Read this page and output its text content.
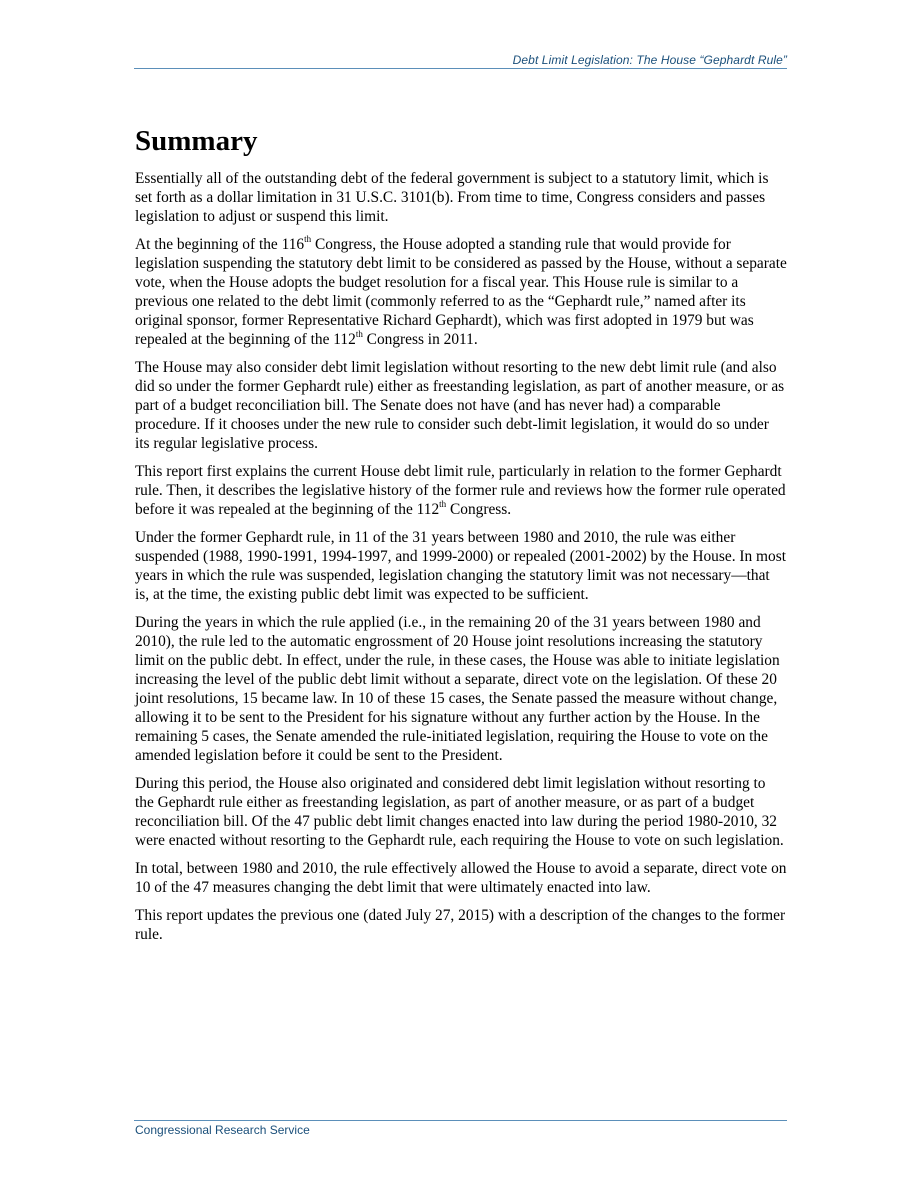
Debt Limit Legislation: The House “Gephardt Rule”
Summary

Essentially all of the outstanding debt of the federal government is subject to a statutory limit, which is set forth as a dollar limitation in 31 U.S.C. 3101(b). From time to time, Congress considers and passes legislation to adjust or suspend this limit.

At the beginning of the 116th Congress, the House adopted a standing rule that would provide for legislation suspending the statutory debt limit to be considered as passed by the House, without a separate vote, when the House adopts the budget resolution for a fiscal year. This House rule is similar to a previous one related to the debt limit (commonly referred to as the “Gephardt rule,” named after its original sponsor, former Representative Richard Gephardt), which was first adopted in 1979 but was repealed at the beginning of the 112th Congress in 2011.

The House may also consider debt limit legislation without resorting to the new debt limit rule (and also did so under the former Gephardt rule) either as freestanding legislation, as part of another measure, or as part of a budget reconciliation bill. The Senate does not have (and has never had) a comparable procedure. If it chooses under the new rule to consider such debt-limit legislation, it would do so under its regular legislative process.

This report first explains the current House debt limit rule, particularly in relation to the former Gephardt rule. Then, it describes the legislative history of the former rule and reviews how the former rule operated before it was repealed at the beginning of the 112th Congress.

Under the former Gephardt rule, in 11 of the 31 years between 1980 and 2010, the rule was either suspended (1988, 1990-1991, 1994-1997, and 1999-2000) or repealed (2001-2002) by the House. In most years in which the rule was suspended, legislation changing the statutory limit was not necessary—that is, at the time, the existing public debt limit was expected to be sufficient.

During the years in which the rule applied (i.e., in the remaining 20 of the 31 years between 1980 and 2010), the rule led to the automatic engrossment of 20 House joint resolutions increasing the statutory limit on the public debt. In effect, under the rule, in these cases, the House was able to initiate legislation increasing the level of the public debt limit without a separate, direct vote on the legislation. Of these 20 joint resolutions, 15 became law. In 10 of these 15 cases, the Senate passed the measure without change, allowing it to be sent to the President for his signature without any further action by the House. In the remaining 5 cases, the Senate amended the rule-initiated legislation, requiring the House to vote on the amended legislation before it could be sent to the President.

During this period, the House also originated and considered debt limit legislation without resorting to the Gephardt rule either as freestanding legislation, as part of another measure, or as part of a budget reconciliation bill. Of the 47 public debt limit changes enacted into law during the period 1980-2010, 32 were enacted without resorting to the Gephardt rule, each requiring the House to vote on such legislation.

In total, between 1980 and 2010, the rule effectively allowed the House to avoid a separate, direct vote on 10 of the 47 measures changing the debt limit that were ultimately enacted into law.

This report updates the previous one (dated July 27, 2015) with a description of the changes to the former rule.

Congressional Research Service
